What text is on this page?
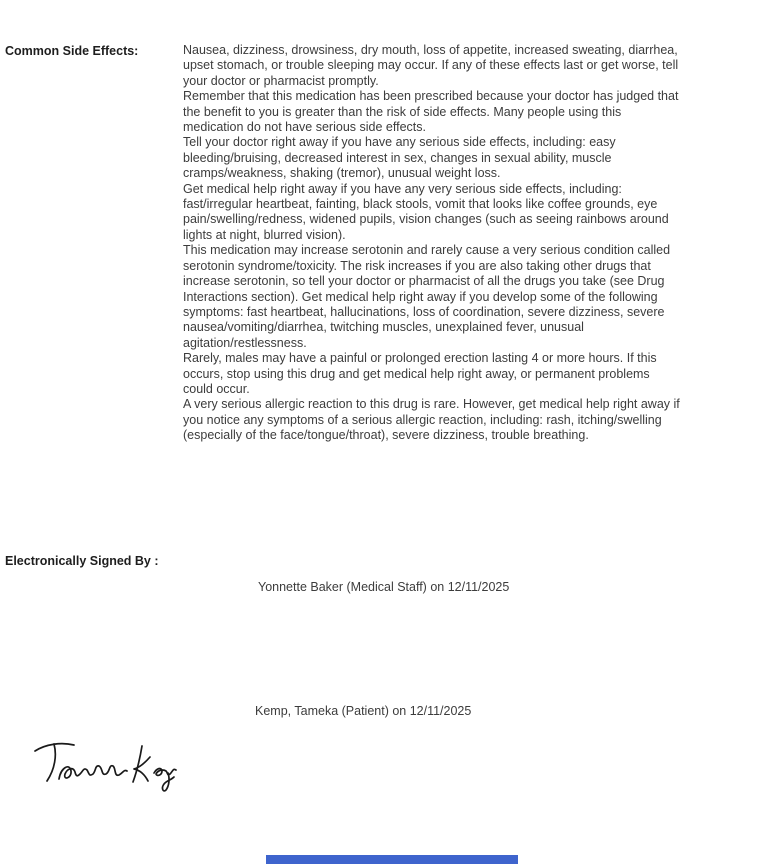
Common Side Effects:	Nausea, dizziness, drowsiness, dry mouth, loss of appetite, increased sweating, diarrhea, upset stomach, or trouble sleeping may occur. If any of these effects last or get worse, tell your doctor or pharmacist promptly.

Remember that this medication has been prescribed because your doctor has judged that the benefit to you is greater than the risk of side effects. Many people using this medication do not have serious side effects.

Tell your doctor right away if you have any serious side effects, including: easy bleeding/bruising, decreased interest in sex, changes in sexual ability, muscle cramps/weakness, shaking (tremor), unusual weight loss.

Get medical help right away if you have any very serious side effects, including: fast/irregular heartbeat, fainting, black stools, vomit that looks like coffee grounds, eye pain/swelling/redness, widened pupils, vision changes (such as seeing rainbows around lights at night, blurred vision).

This medication may increase serotonin and rarely cause a very serious condition called serotonin syndrome/toxicity. The risk increases if you are also taking other drugs that increase serotonin, so tell your doctor or pharmacist of all the drugs you take (see Drug Interactions section). Get medical help right away if you develop some of the following symptoms: fast heartbeat, hallucinations, loss of coordination, severe dizziness, severe nausea/vomiting/diarrhea, twitching muscles, unexplained fever, unusual agitation/restlessness.

Rarely, males may have a painful or prolonged erection lasting 4 or more hours. If this occurs, stop using this drug and get medical help right away, or permanent problems could occur.

A very serious allergic reaction to this drug is rare. However, get medical help right away if you notice any symptoms of a serious allergic reaction, including: rash, itching/swelling (especially of the face/tongue/throat), severe dizziness, trouble breathing.

Electronically Signed By :
Yonnette Baker (Medical Staff) on 12/11/2025
Kemp, Tameka (Patient) on 12/11/2025
